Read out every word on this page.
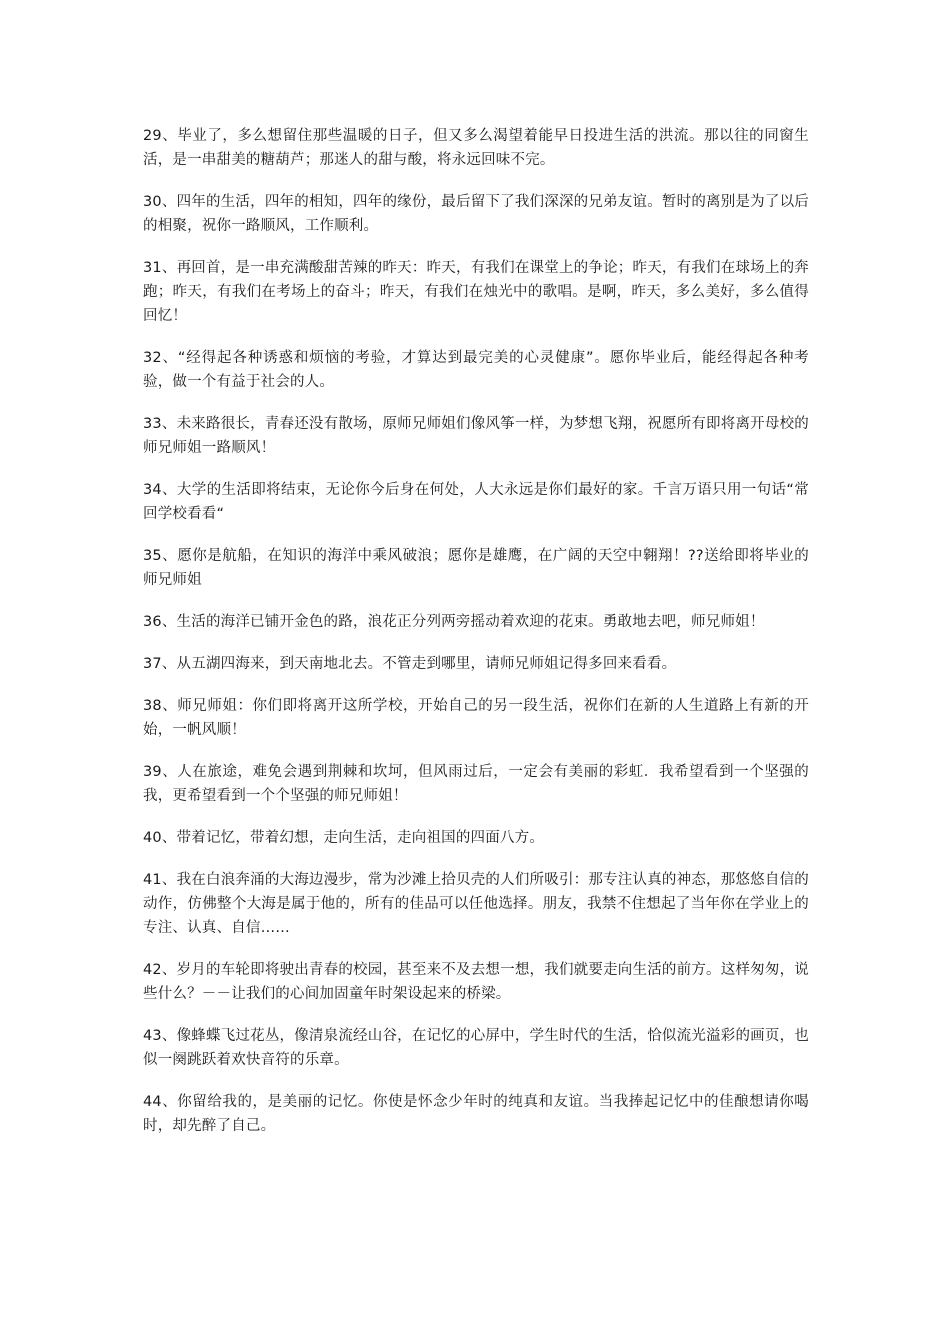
29、毕业了，多么想留住那些温暖的日子，但又多么渴望着能早日投进生活的洪流。那以往的同窗生活，是一串甜美的糖葫芦；那迷人的甜与酸，将永远回味不完。

30、四年的生活，四年的相知，四年的缘份，最后留下了我们深深的兄弟友谊。暂时的离别是为了以后的相聚，祝你一路顺风，工作顺利。

31、再回首，是一串充满酸甜苦辣的昨天：昨天，有我们在课堂上的争论；昨天，有我们在球场上的奔跑；昨天，有我们在考场上的奋斗；昨天，有我们在烛光中的歌唱。是啊，昨天，多么美好，多么值得回忆！

32、“经得起各种诱惑和烦恼的考验，才算达到最完美的心灵健康”。愿你毕业后，能经得起各种考验，做一个有益于社会的人。

33、未来路很长，青春还没有散场，原师兄师姐们像风筝一样，为梦想飞翔，祝愿所有即将离开母校的师兄师姐一路顺风！

34、大学的生活即将结束，无论你今后身在何处，人大永远是你们最好的家。千言万语只用一句话“常回学校看看“

35、愿你是航船，在知识的海洋中乘风破浪；愿你是雄鹰，在广阔的天空中翱翔！??送给即将毕业的师兄师姐

36、生活的海洋已铺开金色的路，浪花正分列两旁摇动着欢迎的花束。勇敢地去吧，师兄师姐！

37、从五湖四海来，到天南地北去。不管走到哪里，请师兄师姐记得多回来看看。

38、师兄师姐：你们即将离开这所学校，开始自己的另一段生活，祝你们在新的人生道路上有新的开始，一帆风顺！

39、人在旅途，难免会遇到荆棘和坎坷，但风雨过后，一定会有美丽的彩虹．我希望看到一个坚强的我，更希望看到一个个坚强的师兄师姐！

40、带着记忆，带着幻想，走向生活，走向祖国的四面八方。

41、我在白浪奔涌的大海边漫步，常为沙滩上拾贝壳的人们所吸引：那专注认真的神态，那悠悠自信的动作，仿佛整个大海是属于他的，所有的佳品可以任他选择。朋友，我禁不住想起了当年你在学业上的专注、认真、自信……

42、岁月的车轮即将驶出青春的校园，甚至来不及去想一想，我们就要走向生活的前方。这样匆匆，说些什么？－－让我们的心间加固童年时架设起来的桥梁。

43、像蜂蝶飞过花丛，像清泉流经山谷，在记忆的心屏中，学生时代的生活，恰似流光溢彩的画页，也似一阕跳跃着欢快音符的乐章。

44、你留给我的，是美丽的记忆。你使是怀念少年时的纯真和友谊。当我捧起记忆中的佳酿想请你喝时，却先醉了自己。
